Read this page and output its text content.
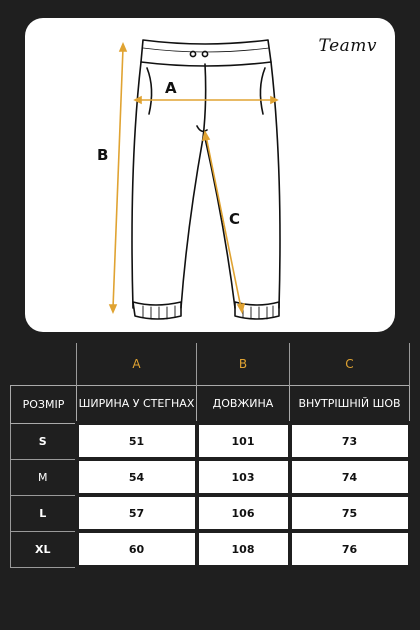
Teamv
A
B
C
	A	B	C
РОЗМІР	ШИРИНА У СТЕГНАХ	ДОВЖИНА	ВНУТРІШНІЙ ШОВ
S	51	101	73
M	54	103	74
L	57	106	75
XL	60	108	76
